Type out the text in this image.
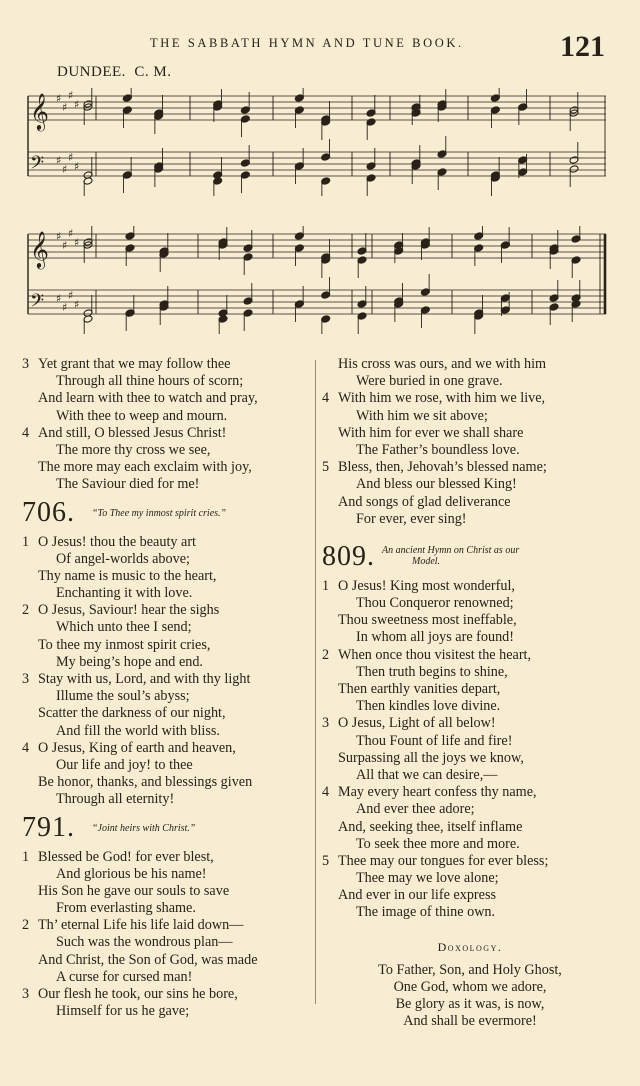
THE SABBATH HYMN AND TUNE BOOK.	121
DUNDEE. C. M.
𝄞 ♯
♯
♯
♯
𝄢 ♯
♯
♯
♯
𝄞 ♯
♯
♯
♯
𝄢 ♯
♯
♯
♯
3 Yet grant that we may follow thee
Through all thine hours of scorn;
And learn with thee to watch and pray,
With thee to weep and mourn.
4 And still, O blessed Jesus Christ!
The more thy cross we see,
The more may each exclaim with joy,
The Saviour died for me!
706. “To Thee my inmost spirit cries.”
1 O Jesus! thou the beauty art
Of angel-worlds above;
Thy name is music to the heart,
Enchanting it with love.
2 O Jesus, Saviour! hear the sighs
Which unto thee I send;
To thee my inmost spirit cries,
My being’s hope and end.
3 Stay with us, Lord, and with thy light
Illume the soul’s abyss;
Scatter the darkness of our night,
And fill the world with bliss.
4 O Jesus, King of earth and heaven,
Our life and joy! to thee
Be honor, thanks, and blessings given
Through all eternity!
791. “Joint heirs with Christ.”
1 Blessed be God! for ever blest,
And glorious be his name!
His Son he gave our souls to save
From everlasting shame.
2 Th’ eternal Life his life laid down—
Such was the wondrous plan—
And Christ, the Son of God, was made
A curse for cursed man!
3 Our flesh he took, our sins he bore,
Himself for us he gave;
His cross was ours, and we with him
Were buried in one grave.
4 With him we rose, with him we live,
With him we sit above;
With him for ever we shall share
The Father’s boundless love.
5 Bless, then, Jehovah’s blessed name;
And bless our blessed King!
And songs of glad deliverance
For ever, ever sing!
809. An ancient Hymn on Christ as our
Model.
1 O Jesus! King most wonderful,
Thou Conqueror renowned;
Thou sweetness most ineffable,
In whom all joys are found!
2 When once thou visitest the heart,
Then truth begins to shine,
Then earthly vanities depart,
Then kindles love divine.
3 O Jesus, Light of all below!
Thou Fount of life and fire!
Surpassing all the joys we know,
All that we can desire,—
4 May every heart confess thy name,
And ever thee adore;
And, seeking thee, itself inflame
To seek thee more and more.
5 Thee may our tongues for ever bless;
Thee may we love alone;
And ever in our life express
The image of thine own.
Doxology.
To Father, Son, and Holy Ghost,
One God, whom we adore,
Be glory as it was, is now,
And shall be evermore!
